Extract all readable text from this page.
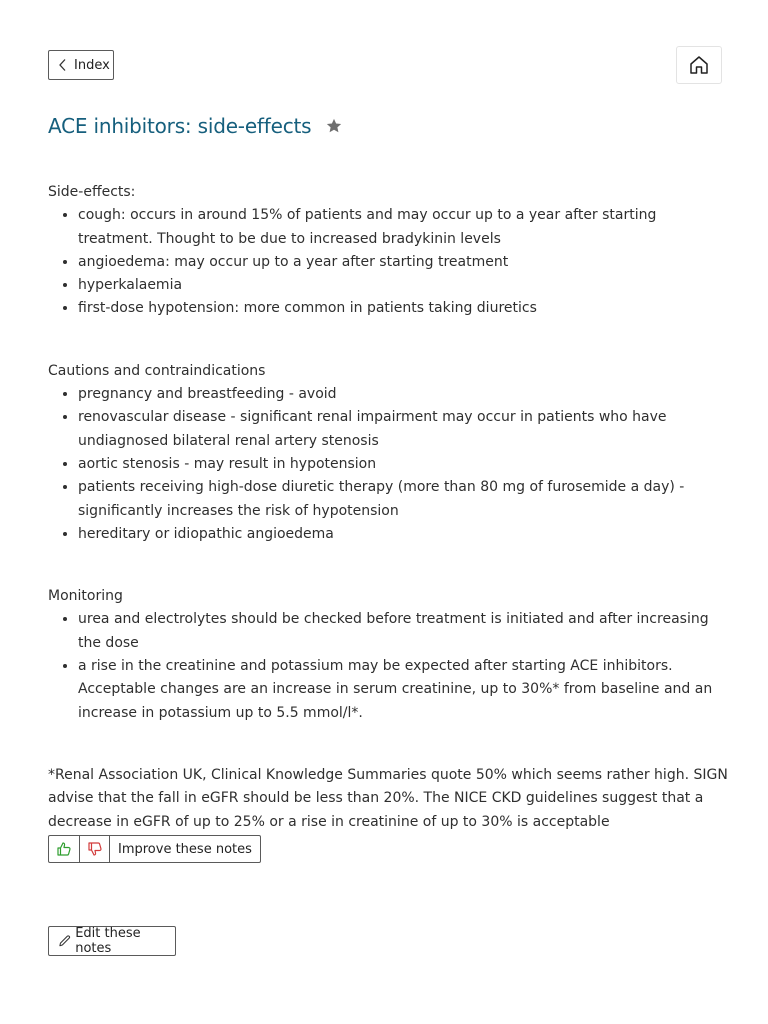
Index
ACE inhibitors: side-effects

Side-effects:

• cough: occurs in around 15% of patients and may occur up to a year after starting treatment. Thought to be due to increased bradykinin levels
• angioedema: may occur up to a year after starting treatment
• hyperkalaemia
• first-dose hypotension: more common in patients taking diuretics

Cautions and contraindications

• pregnancy and breastfeeding - avoid
• renovascular disease - significant renal impairment may occur in patients who have undiagnosed bilateral renal artery stenosis
• aortic stenosis - may result in hypotension
• patients receiving high-dose diuretic therapy (more than 80 mg of furosemide a day) - significantly increases the risk of hypotension
• hereditary or idiopathic angioedema

Monitoring

• urea and electrolytes should be checked before treatment is initiated and after increasing the dose
• a rise in the creatinine and potassium may be expected after starting ACE inhibitors. Acceptable changes are an increase in serum creatinine, up to 30%* from baseline and an increase in potassium up to 5.5 mmol/l*.

*Renal Association UK, Clinical Knowledge Summaries quote 50% which seems rather high. SIGN advise that the fall in eGFR should be less than 20%. The NICE CKD guidelines suggest that a decrease in eGFR of up to 25% or a rise in creatinine of up to 30% is acceptable

Improve these notes
Edit these notes
